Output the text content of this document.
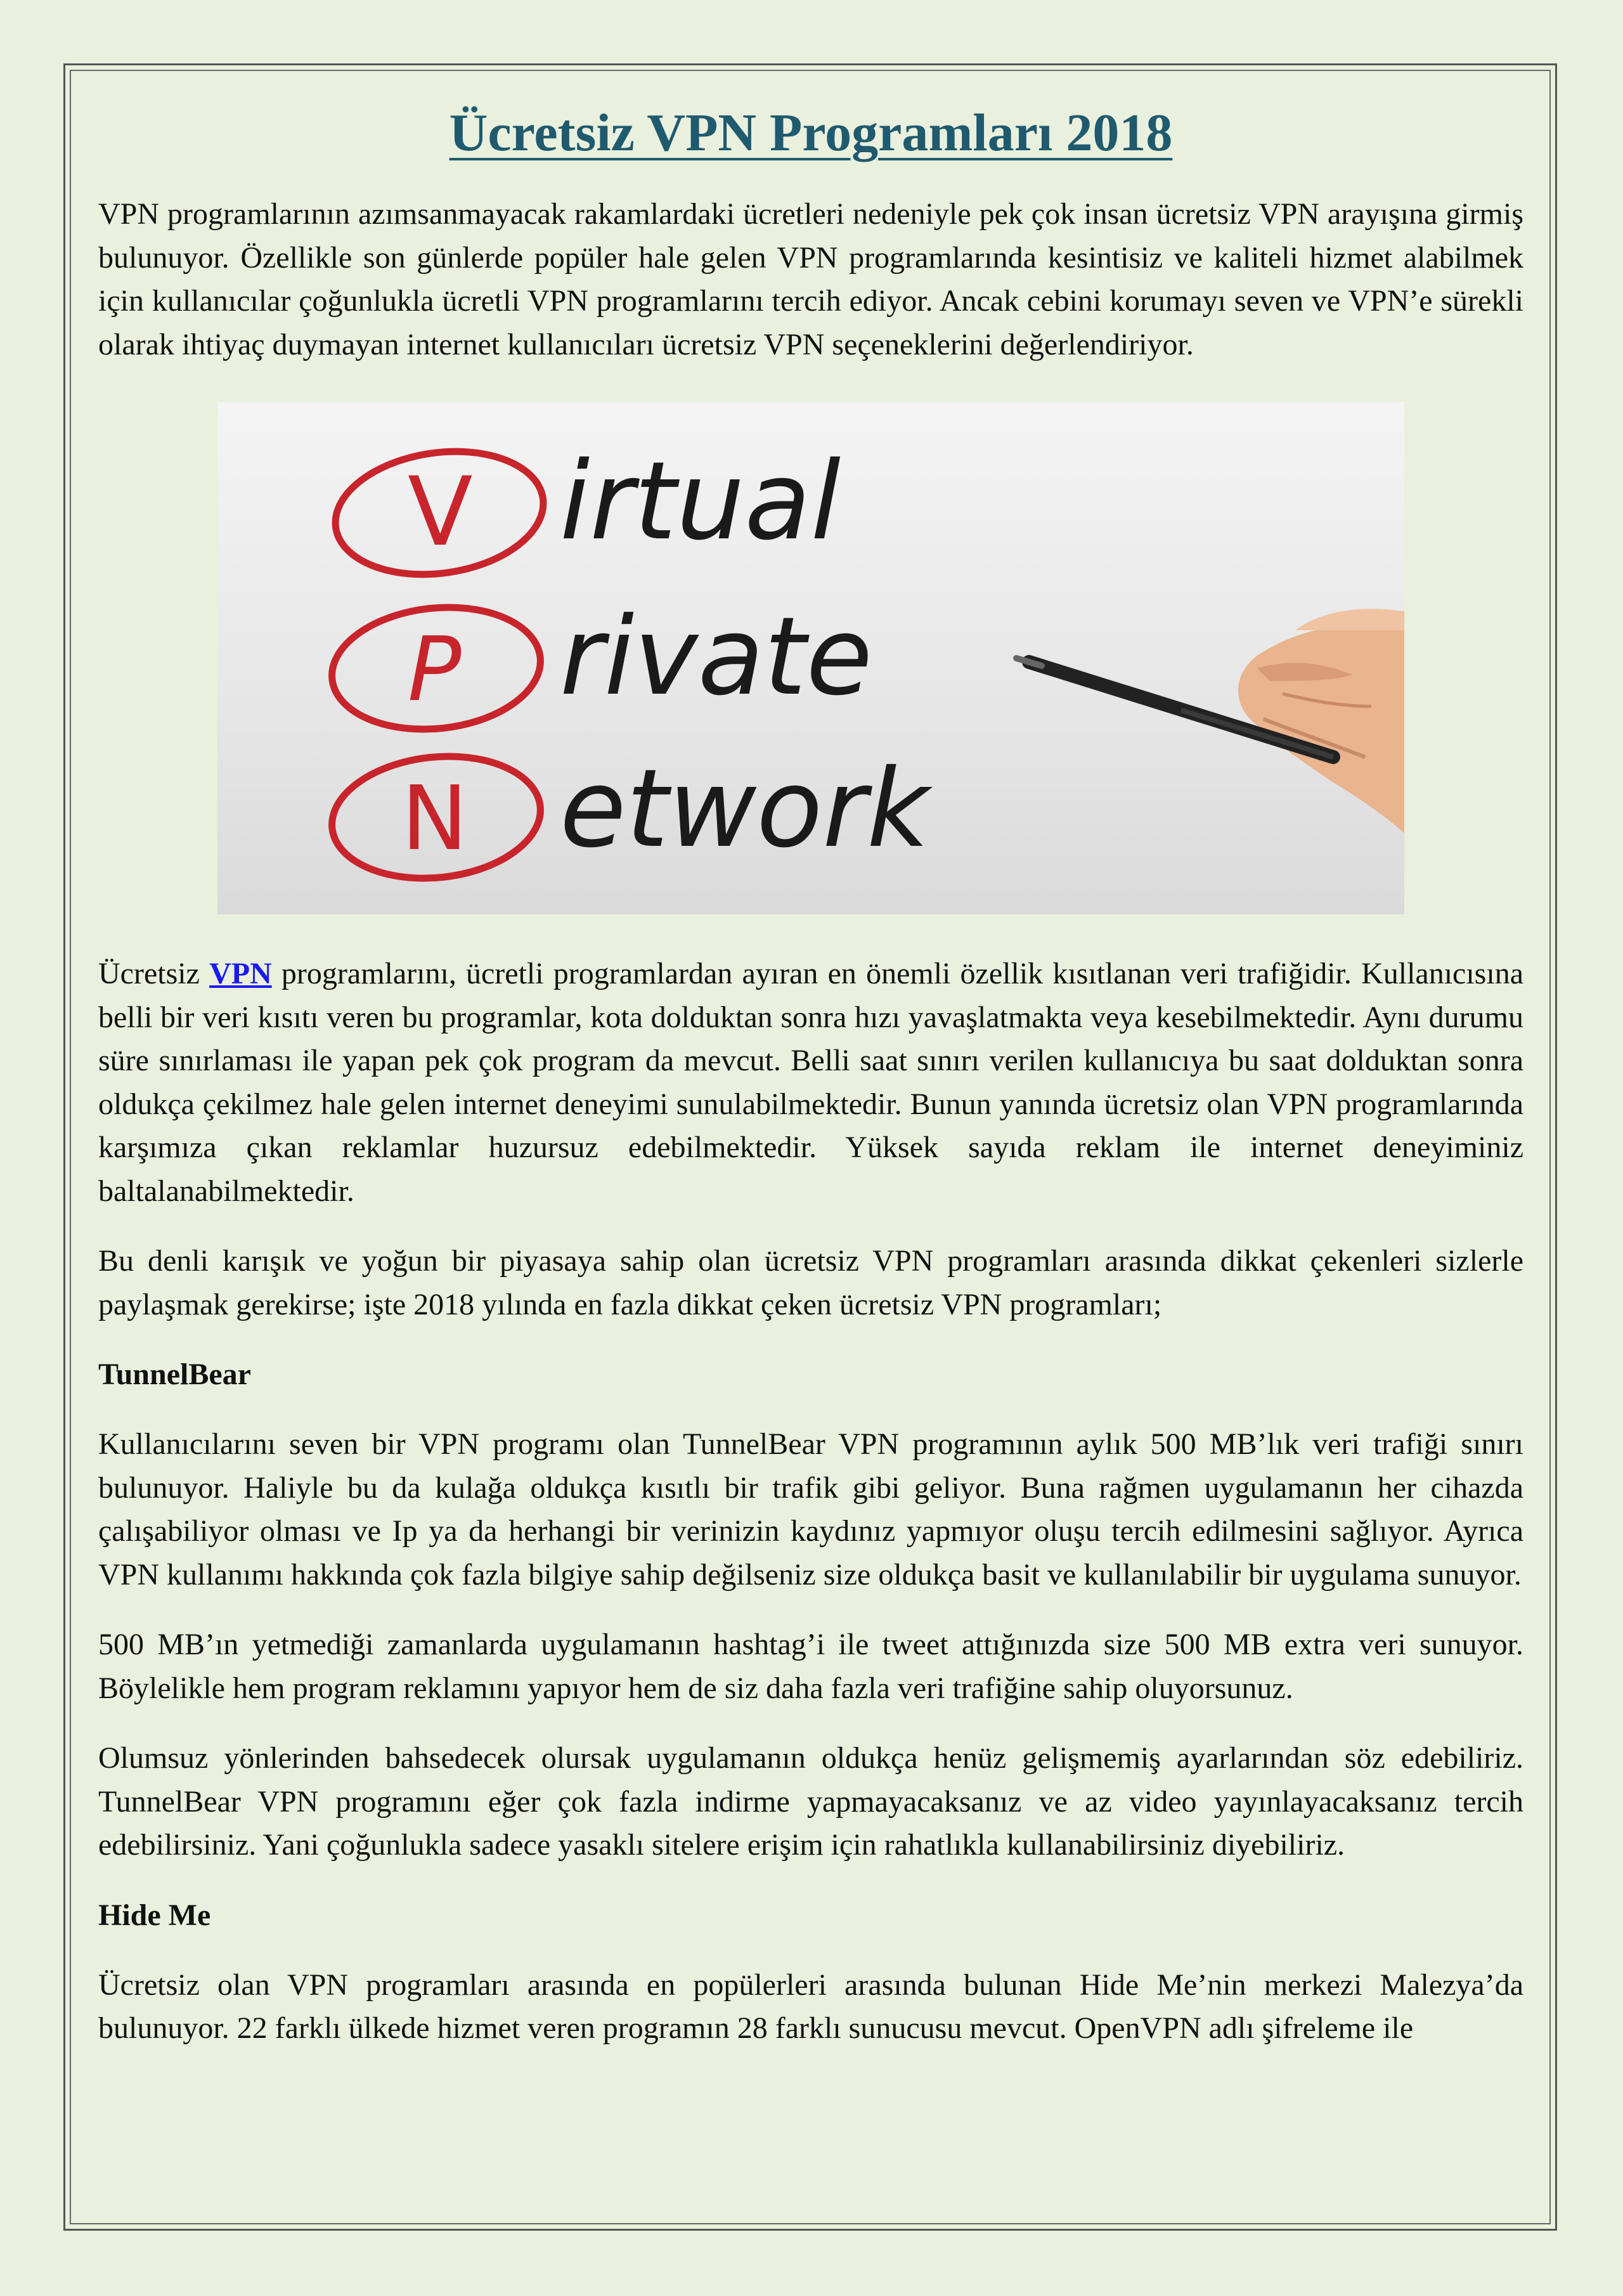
Ücretsiz VPN Programları 2018

VPN programlarının azımsanmayacak rakamlardaki ücretleri nedeniyle pek çok insan ücretsiz VPN arayışına girmiş bulunuyor. Özellikle son günlerde popüler hale gelen VPN programlarında kesintisiz ve kaliteli hizmet alabilmek için kullanıcılar çoğunlukla ücretli VPN programlarını tercih ediyor. Ancak cebini korumayı seven ve VPN’e sürekli olarak ihtiyaç duymayan internet kullanıcıları ücretsiz VPN seçeneklerini değerlendiriyor.

V
P
N
irtual
rivate
etwork

Ücretsiz VPN programlarını, ücretli programlardan ayıran en önemli özellik kısıtlanan veri trafiğidir. Kullanıcısına belli bir veri kısıtı veren bu programlar, kota dolduktan sonra hızı yavaşlatmakta veya kesebilmektedir. Aynı durumu süre sınırlaması ile yapan pek çok program da mevcut. Belli saat sınırı verilen kullanıcıya bu saat dolduktan sonra oldukça çekilmez hale gelen internet deneyimi sunulabilmektedir. Bunun yanında ücretsiz olan VPN programlarında karşımıza çıkan reklamlar huzursuz edebilmektedir. Yüksek sayıda reklam ile internet deneyiminiz baltalanabilmektedir.

Bu denli karışık ve yoğun bir piyasaya sahip olan ücretsiz VPN programları arasında dikkat çekenleri sizlerle paylaşmak gerekirse; işte 2018 yılında en fazla dikkat çeken ücretsiz VPN programları;

TunnelBear

Kullanıcılarını seven bir VPN programı olan TunnelBear VPN programının aylık 500 MB’lık veri trafiği sınırı bulunuyor. Haliyle bu da kulağa oldukça kısıtlı bir trafik gibi geliyor. Buna rağmen uygulamanın her cihazda çalışabiliyor olması ve Ip ya da herhangi bir verinizin kaydınız yapmıyor oluşu tercih edilmesini sağlıyor. Ayrıca VPN kullanımı hakkında çok fazla bilgiye sahip değilseniz size oldukça basit ve kullanılabilir bir uygulama sunuyor.

500 MB’ın yetmediği zamanlarda uygulamanın hashtag’i ile tweet attığınızda size 500 MB extra veri sunuyor. Böylelikle hem program reklamını yapıyor hem de siz daha fazla veri trafiğine sahip oluyorsunuz.

Olumsuz yönlerinden bahsedecek olursak uygulamanın oldukça henüz gelişmemiş ayarlarından söz edebiliriz. TunnelBear VPN programını eğer çok fazla indirme yapmayacaksanız ve az video yayınlayacaksanız tercih edebilirsiniz. Yani çoğunlukla sadece yasaklı sitelere erişim için rahatlıkla kullanabilirsiniz diyebiliriz.

Hide Me

Ücretsiz olan VPN programları arasında en popülerleri arasında bulunan Hide Me’nin merkezi Malezya’da bulunuyor. 22 farklı ülkede hizmet veren programın 28 farklı sunucusu mevcut. OpenVPN adlı şifreleme ile
